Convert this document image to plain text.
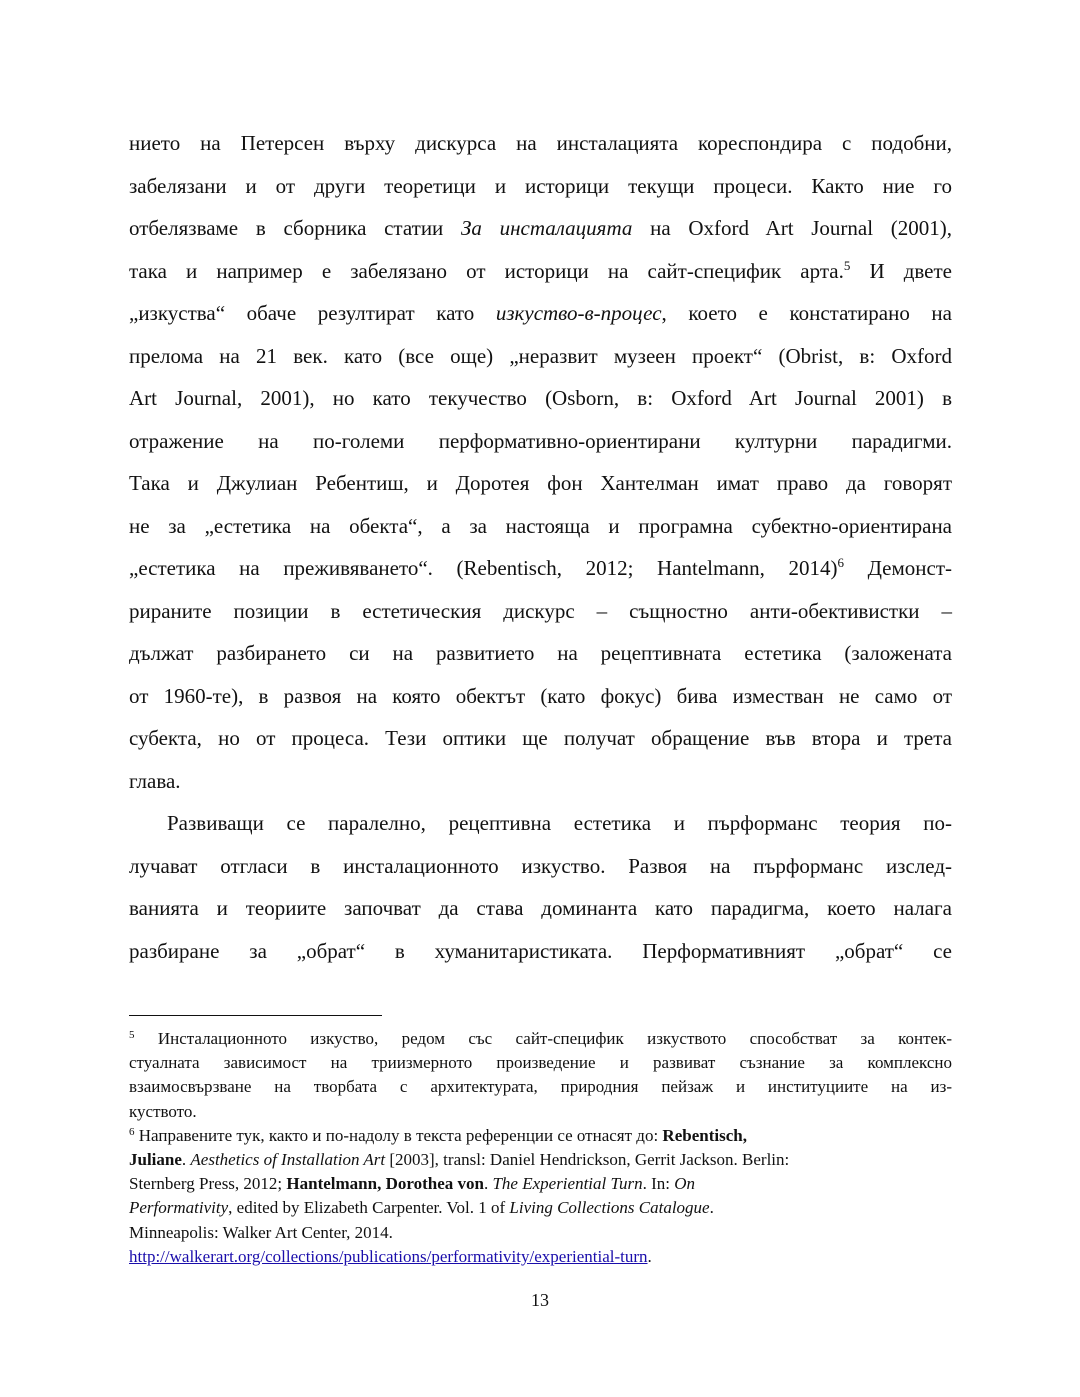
нието на Петерсен върху дискурса на инсталацията кореспондира с подобни,
забелязани и от други теоретици и историци текущи процеси. Както ние го
отбелязваме в сборника статии За инсталацията на Oxford Art Journal (2001),
така и например е забелязано от историци на сайт-специфик арта.$^5$ И двете
„изкуства“ обаче резултират като изкуство-в-процес, което е констатирано на
прелома на 21 век. като (все още) „неразвит музеен проект“ (Obrist, в: Oxford
Art Journal, 2001), но като текучество (Osborn, в: Oxford Art Journal 2001) в
отражение на по-големи перформативно-ориентирани културни парадигми.
Така и Джулиан Ребентиш, и Доротея фон Хантелман имат право да говорят
не за „естетика на обекта“, а за настояща и програмна субектно-ориентирана
„естетика на преживяването“. (Rebentisch, 2012; Hantelmann, 2014)$^6$ Демонст-
рираните позиции в естетическия дискурс – същностно анти-обективистки –
дължат разбирането си на развитието на рецептивната естетика (заложената
от 1960-те), в развоя на която обектът (като фокус) бива изместван не само от
субекта, но от процеса. Тези оптики ще получат обращение във втора и трета
глава.
Развиващи се паралелно, рецептивна естетика и пърформанс теория по-
лучават отгласи в инсталационното изкуство. Развоя на пърформанс изслед-
ванията и теориите започват да става доминанта като парадигма, което налага
разбиране за „обрат“ в хуманитаристиката. Перформативният „обрат“ се
$^5$ Инсталационното изкуство, редом със сайт-специфик изкуството способстват за контек-
стуалната зависимост на триизмерното произведение и развиват съзнание за комплексно
взаимосвързване на творбата с архитектурата, природния пейзаж и институциите на из-
куството.
$^6$ Направените тук, както и по-надолу в текста референции се отнасят до: Rebentisch,
Juliane. Aesthetics of Installation Art [2003], transl: Daniel Hendrickson, Gerrit Jackson. Berlin:
Sternberg Press, 2012; Hantelmann, Dorothea von. The Experiential Turn. In: On
Performativity, edited by Elizabeth Carpenter. Vol. 1 of Living Collections Catalogue.
Minneapolis: Walker Art Center, 2014.
http://walkerart.org/collections/publications/performativity/experiential-turn.
13
